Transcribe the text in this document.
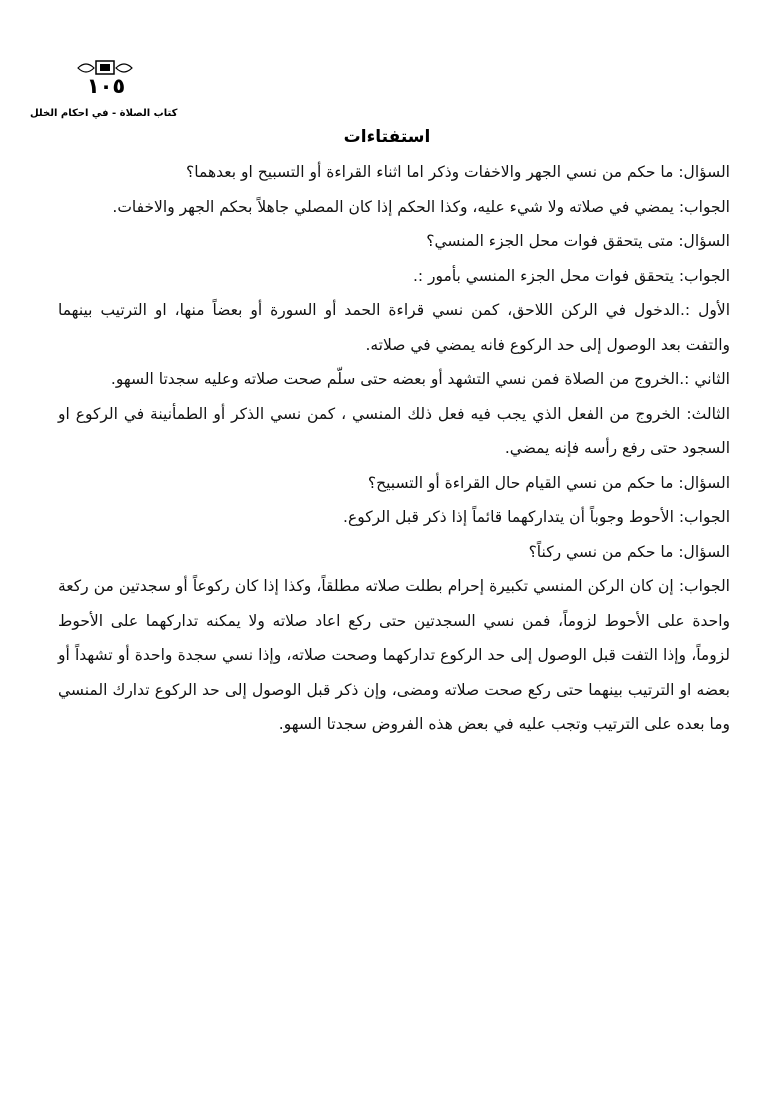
١٠٥
كتاب الصلاة - في احكام الخلل
استفتاءات

السؤال: ما حكم من نسي الجهر والاخفات وذكر اما اثناء القراءة أو التسبيح او بعدهما؟

الجواب: يمضي في صلاته ولا شيء عليه، وكذا الحكم إذا كان المصلي جاهلاً بحكم الجهر والاخفات.

السؤال: متى يتحقق فوات محل الجزء المنسي؟

الجواب: يتحقق فوات محل الجزء المنسي بأمور :.

الأول :.الدخول في الركن اللاحق، كمن نسي قراءة الحمد أو السورة أو بعضاً منها، او الترتيب بينهما والتفت بعد الوصول إلى حد الركوع فانه يمضي في صلاته.

الثاني :.الخروج من الصلاة فمن نسي التشهد أو بعضه حتى سلّم صحت صلاته وعليه سجدتا السهو.

الثالث: الخروج من الفعل الذي يجب فيه فعل ذلك المنسي ، كمن نسي الذكر أو الطمأنينة في الركوع او السجود حتى رفع رأسه فإنه يمضي.

السؤال: ما حكم من نسي القيام حال القراءة أو التسبيح؟

الجواب: الأحوط وجوباً أن يتداركهما قائماً إذا ذكر قبل الركوع.

السؤال: ما حكم من نسي ركناً؟

الجواب: إن كان الركن المنسي تكبيرة إحرام بطلت صلاته مطلقاً، وكذا إذا كان ركوعاً أو سجدتين من ركعة واحدة على الأحوط لزوماً، فمن نسي السجدتين حتى ركع اعاد صلاته ولا يمكنه تداركهما على الأحوط لزوماً، وإذا التفت قبل الوصول إلى حد الركوع تداركهما وصحت صلاته، وإذا نسي سجدة واحدة أو تشهداً أو بعضه او الترتيب بينهما حتى ركع صحت صلاته ومضى، وإن ذكر قبل الوصول إلى حد الركوع تدارك المنسي وما بعده على الترتيب وتجب عليه في بعض هذه الفروض سجدتا السهو.
